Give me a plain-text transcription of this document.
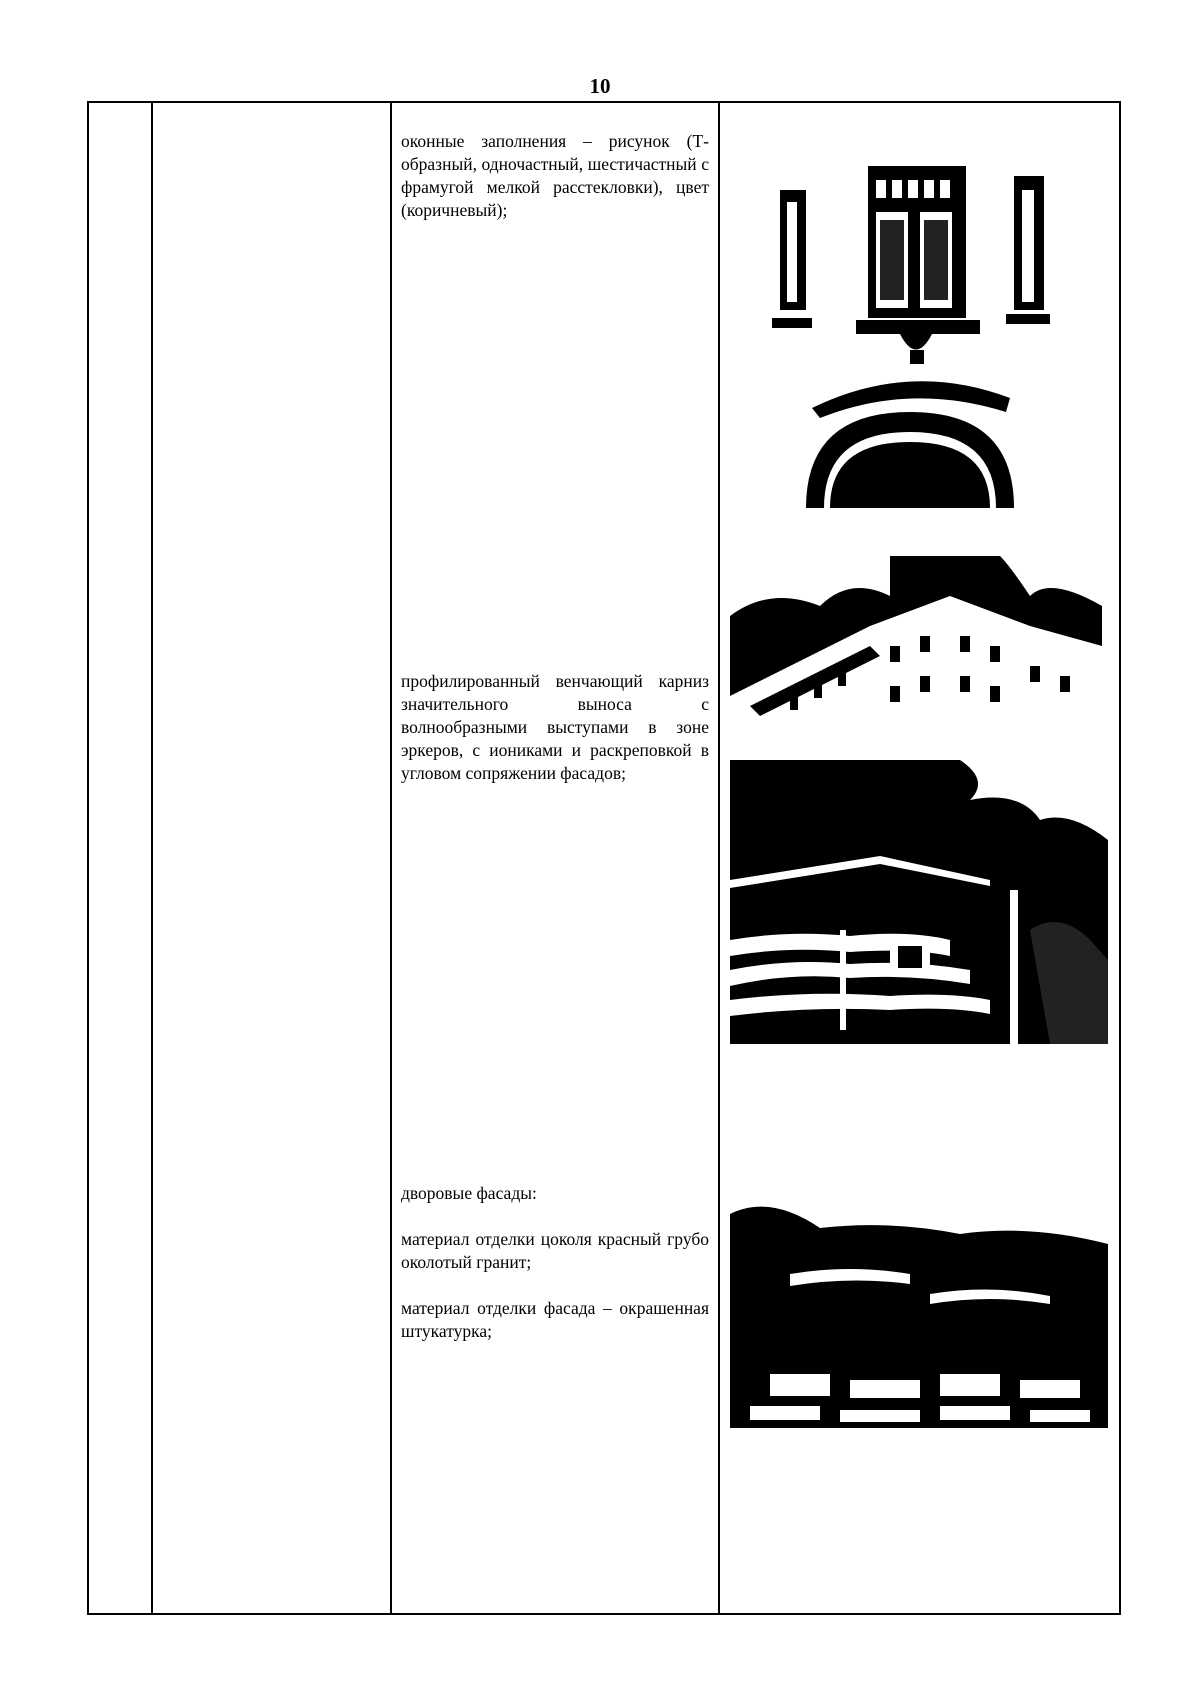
10

оконные заполнения – рисунок (Т-образный, одночастный, шестичастный с фрамугой мелкой расстекловки), цвет (коричневый);

профилированный венчающий карниз значительного выноса с волнообразными выступами в зоне эркеров, с иониками и раскреповкой в угловом сопряжении фасадов;

дворовые фасады:

материал отделки цоколя красный грубо околотый гранит;

материал отделки фасада – окрашенная штукатурка;
